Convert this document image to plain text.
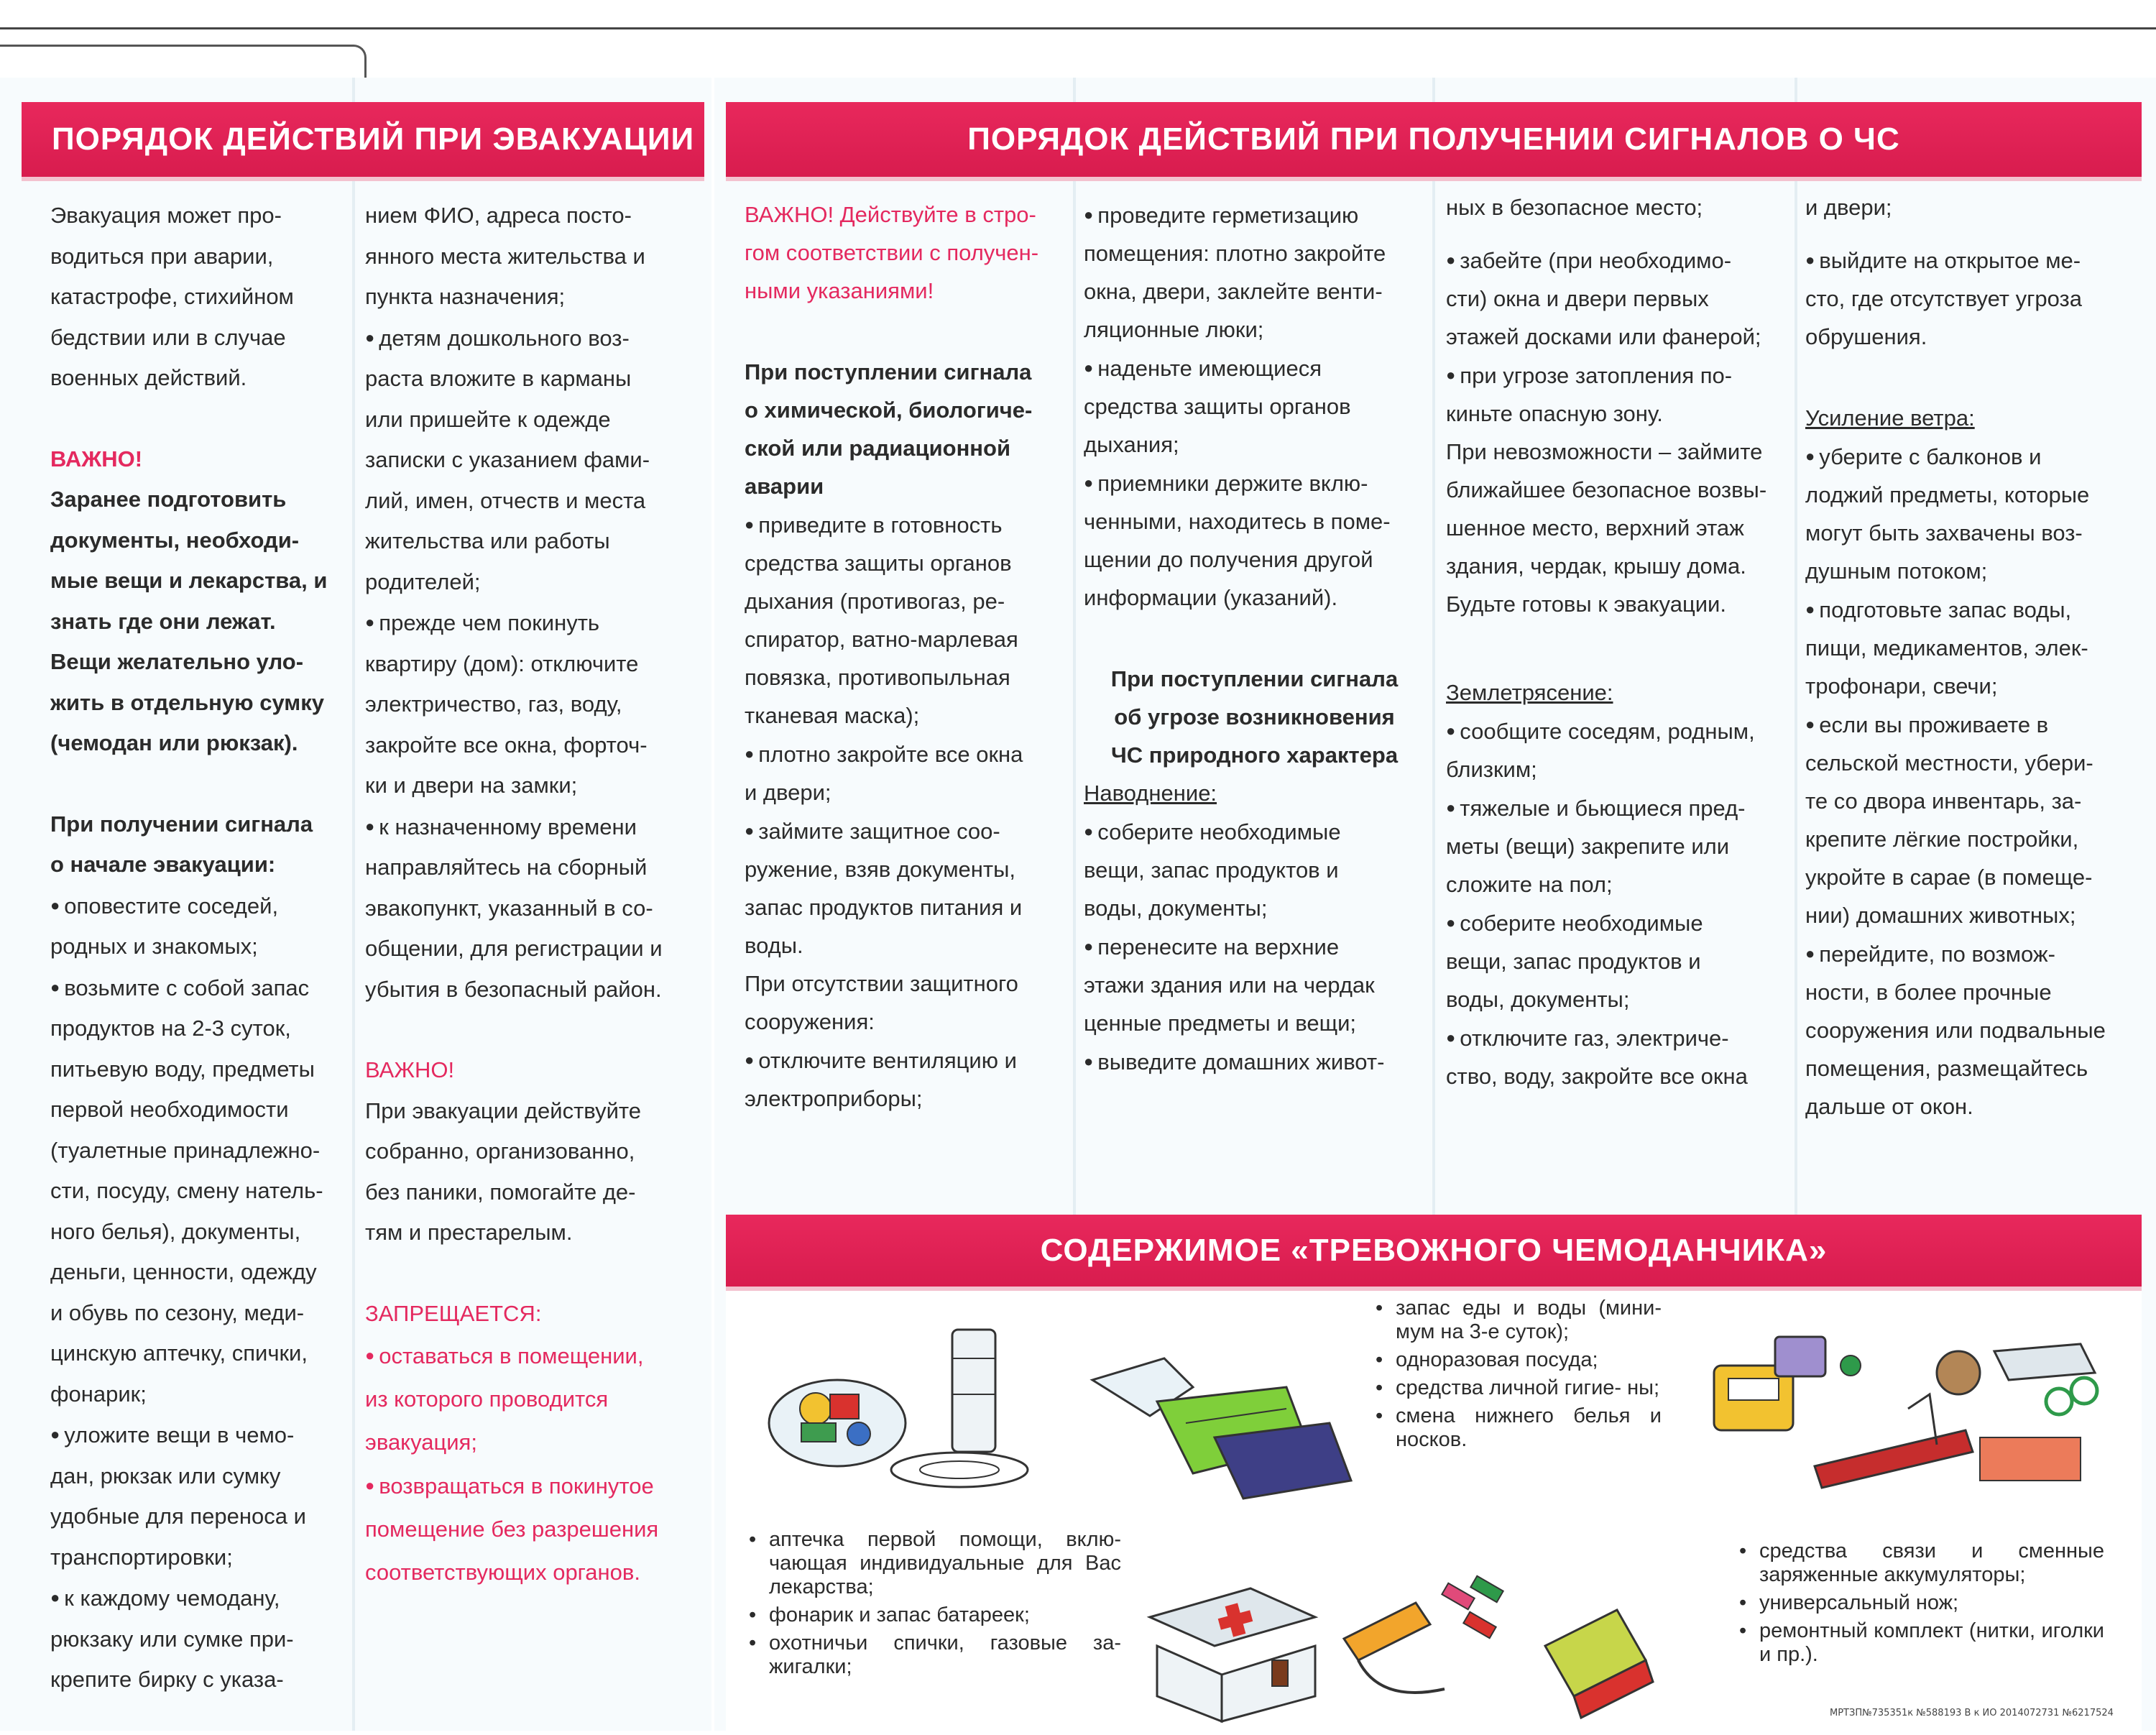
ПОРЯДОК ДЕЙСТВИЙ ПРИ ЭВАКУАЦИИ	ПОРЯДОК ДЕЙСТВИЙ ПРИ ПОЛУЧЕНИИ СИГНАЛОВ О ЧС

Эвакуация может про-
водиться при аварии,
катастрофе, стихийном
бедствии или в случае
военных действий.

ВАЖНО!

Заранее подготовить
документы, необходи-
мые вещи и лекарства, и
знать где они лежат.
Вещи желательно уло-
жить в отдельную сумку
(чемодан или рюкзак).

При получении сигнала
о начале эвакуации:

● оповестите соседей,
родных и знакомых;

● возьмите с собой запас
продуктов на 2-3 суток,
питьевую воду, предметы
первой необходимости
(туалетные принадлежно-
сти, посуду, смену натель-
ного белья), документы,
деньги, ценности, одежду
и обувь по сезону, меди-
цинскую аптечку, спички,
фонарик;

● уложите вещи в чемо-
дан, рюкзак или сумку
удобные для переноса и
транспортировки;

● к каждому чемодану,
рюкзаку или сумке при-
крепите бирку с указа-

нием ФИО, адреса посто-
янного места жительства и
пункта назначения;

● детям дошкольного воз-
раста вложите в карманы
или пришейте к одежде
записки с указанием фами-
лий, имен, отчеств и места
жительства или работы
родителей;

● прежде чем покинуть
квартиру (дом): отключите
электричество, газ, воду,
закройте все окна, форточ-
ки и двери на замки;

● к назначенному времени
направляйтесь на сборный
эвакопункт, указанный в со-
общении, для регистрации и
убытия в безопасный район.

ВАЖНО!

При эвакуации действуйте
собранно, организованно,
без паники, помогайте де-
тям и престарелым.

ЗАПРЕЩАЕТСЯ:

● оставаться в помещении,
из которого проводится
эвакуация;

● возвращаться в покинутое
помещение без разрешения
соответствующих органов.

ВАЖНО! Действуйте в стро-
гом соответствии с получен-
ными указаниями!

При поступлении сигнала
о химической, биологиче-
ской или радиационной
аварии

● приведите в готовность
средства защиты органов
дыхания (противогаз, ре-
спиратор, ватно-марлевая
повязка, противопыльная
тканевая маска);

● плотно закройте все окна
и двери;

● займите защитное соо-
ружение, взяв документы,
запас продуктов питания и
воды.

При отсутствии защитного
сооружения:

● отключите вентиляцию и
электроприборы;

● проведите герметизацию
помещения: плотно закройте
окна, двери, заклейте венти-
ляционные люки;

● наденьте имеющиеся
средства защиты органов
дыхания;

● приемники держите вклю-
ченными, находитесь в поме-
щении до получения другой
информации (указаний).

При поступлении сигнала
об угрозе возникновения
ЧС природного характера

Наводнение:

● соберите необходимые
вещи, запас продуктов и
воды, документы;

● перенесите на верхние
этажи здания или на чердак
ценные предметы и вещи;

● выведите домашних живот-

ных в безопасное место;

● забейте (при необходимо-
сти) окна и двери первых
этажей досками или фанерой;

● при угрозе затопления по-
киньте опасную зону.

При невозможности – займите
ближайшее безопасное возвы-
шенное место, верхний этаж
здания, чердак, крышу дома.
Будьте готовы к эвакуации.

Землетрясение:

● сообщите соседям, родным,
близким;

● тяжелые и бьющиеся пред-
меты (вещи) закрепите или
сложите на пол;

● соберите необходимые
вещи, запас продуктов и
воды, документы;

● отключите газ, электриче-
ство, воду, закройте все окна

и двери;

● выйдите на открытое ме-
сто, где отсутствует угроза
обрушения.

Усиление ветра:

● уберите с балконов и
лоджий предметы, которые
могут быть захвачены воз-
душным потоком;

● подготовьте запас воды,
пищи, медикаментов, элек-
трофонари, свечи;

● если вы проживаете в
сельской местности, убери-
те со двора инвентарь, за-
крепите лёгкие постройки,
укройте в сарае (в помеще-
нии) домашних животных;

● перейдите, по возмож-
ности, в более прочные
сооружения или подвальные
помещения, размещайтесь
дальше от окон.

СОДЕРЖИМОЕ «ТРЕВОЖНОГО ЧЕМОДАНЧИКА»
• запас еды и воды (мини- мум на 3-е суток);
• одноразовая посуда;
• средства личной гигие- ны;
• смена нижнего белья и носков.
• аптечка первой помощи, вклю- чающая индивидуальные для Вас лекарства;
• фонарик и запас батареек;
• охотничьи спички, газовые за- жигалки;
• средства связи и сменные заряженные аккумуляторы;
• универсальный нож;
• ремонтный комплект (нитки, иголки и пр.).
МРТЗП№735351к №588193 В к ИО 2014072731 №6217524
